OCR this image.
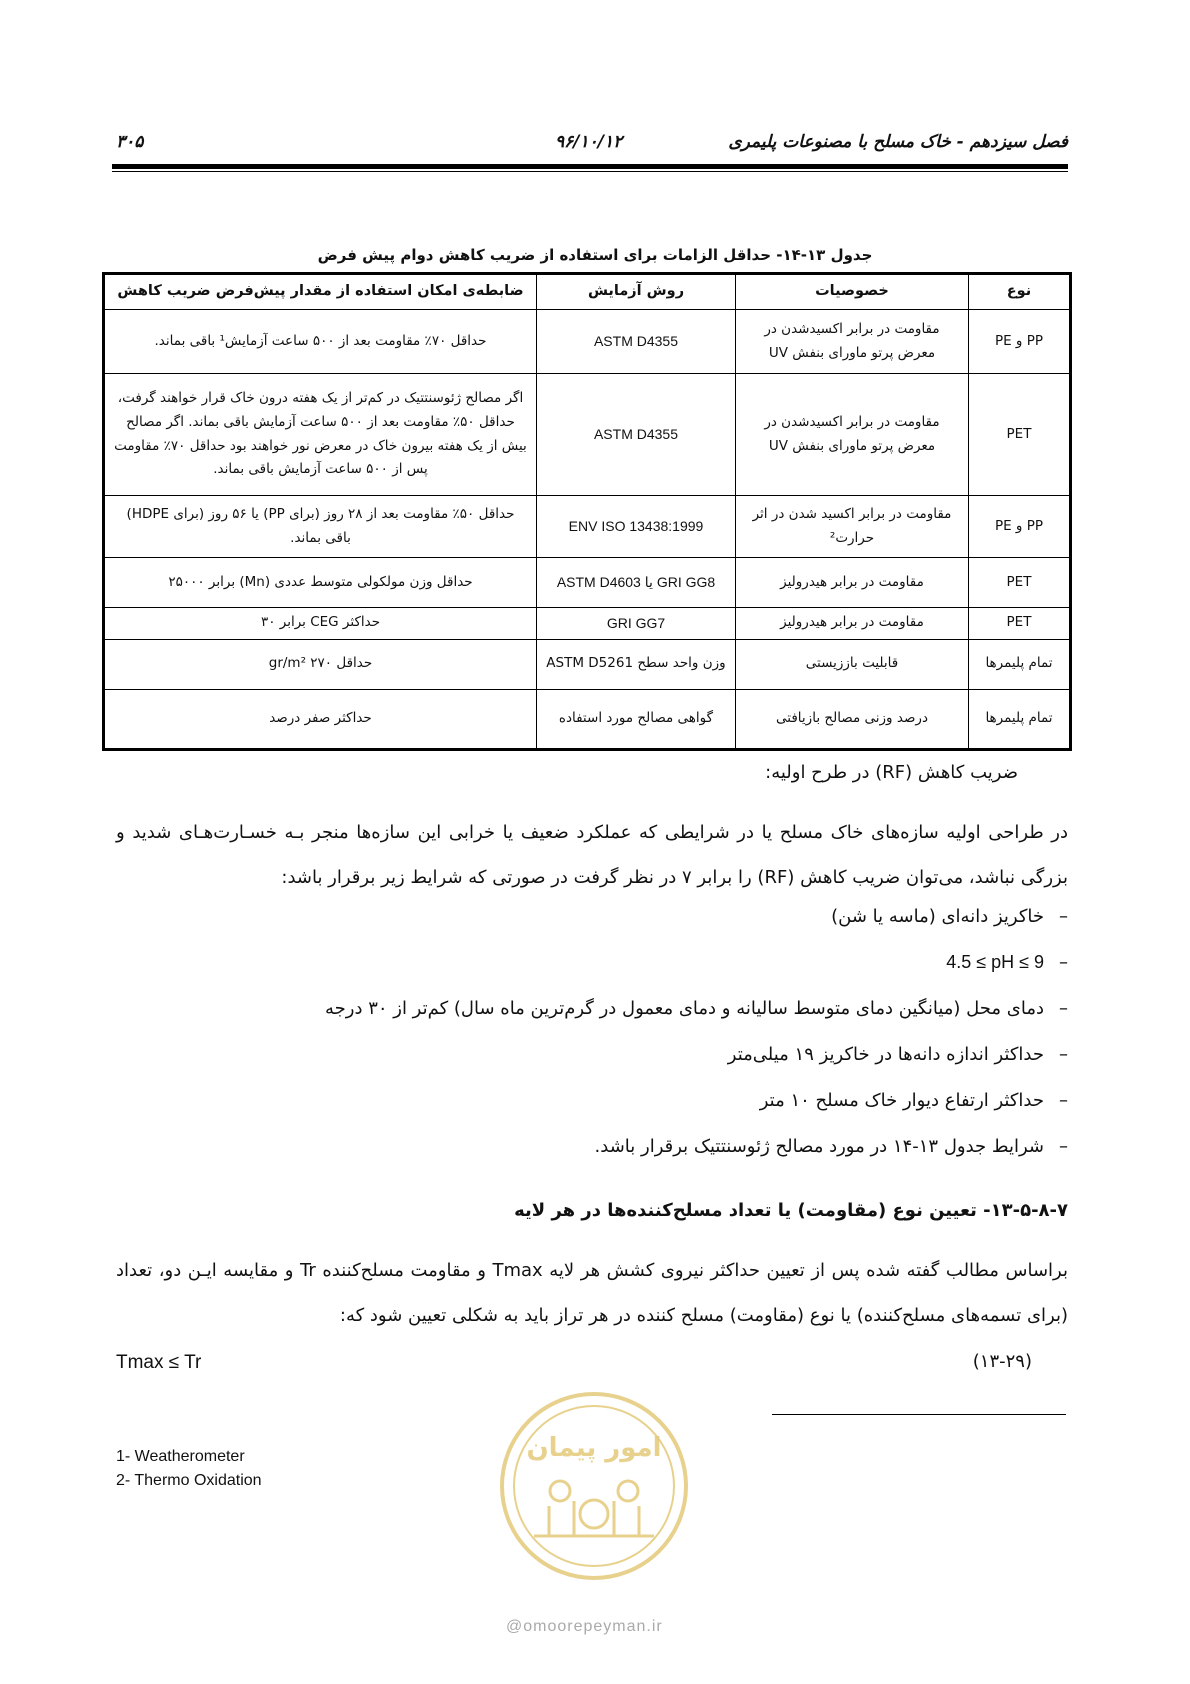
فصل سیزدهم - خاک مسلح با مصنوعات پلیمری
۹۶/۱۰/۱۲
۳۰۵
جدول ۱۳-۱۴- حداقل الزامات برای استفاده از ضریب کاهش دوام پیش فرض
نوع	خصوصیات	روش آزمایش	ضابطه‌ی امکان استفاده از مقدار پیش‌فرض ضریب کاهش
PP و PE	مقاومت در برابر اکسیدشدن در معرض پرتو ماورای بنفش UV	ASTM D4355	حداقل ۷۰٪ مقاومت بعد از ۵۰۰ ساعت آزمایش¹ باقی بماند.
PET	مقاومت در برابر اکسیدشدن در معرض پرتو ماورای بنفش UV	ASTM D4355	اگر مصالح ژئوسنتتیک در کم‌تر از یک هفته درون خاک قرار خواهند گرفت، حداقل ۵۰٪ مقاومت بعد از ۵۰۰ ساعت آزمایش باقی بماند. اگر مصالح بیش از یک هفته بیرون خاک در معرض نور خواهند بود حداقل ۷۰٪ مقاومت پس از ۵۰۰ ساعت آزمایش باقی بماند.
PP و PE	مقاومت در برابر اکسید شدن در اثر حرارت²	ENV ISO 13438:1999	حداقل ۵۰٪ مقاومت بعد از ۲۸ روز (برای PP) یا ۵۶ روز (برای HDPE) باقی بماند.
PET	مقاومت در برابر هیدرولیز	GRI GG8 یا ASTM D4603	حداقل وزن مولکولی متوسط عددی (Mn) برابر ۲۵۰۰۰
PET	مقاومت در برابر هیدرولیز	GRI GG7	حداکثر CEG برابر ۳۰
تمام پلیمرها	قابلیت باززیستی	وزن واحد سطح ASTM D5261	حداقل ۲۷۰ gr/m²
تمام پلیمرها	درصد وزنی مصالح بازیافتی	گواهی مصالح مورد استفاده	حداکثر صفر درصد
ضریب کاهش (RF) در طرح اولیه:
در طراحی اولیه سازه‌های خاک مسلح یا در شرایطی که عملکرد ضعیف یا خرابی این سازه‌ها منجر بـه خسـارت‌هـای شدید و بزرگی نباشد، می‌توان ضریب کاهش (RF) را برابر ۷ در نظر گرفت در صورتی که شرایط زیر برقرار باشد:
–خاکریز دانه‌ای (ماسه یا شن)
–4.5 ≤ pH ≤ 9
–دمای محل (میانگین دمای متوسط سالیانه و دمای معمول در گرم‌ترین ماه سال) کم‌تر از ۳۰ درجه
–حداکثر اندازه دانه‌ها در خاکریز ۱۹ میلی‌متر
–حداکثر ارتفاع دیوار خاک مسلح ۱۰ متر
–شرایط جدول ۱۳-۱۴ در مورد مصالح ژئوسنتتیک برقرار باشد.
۱۳-۵-۸-۷- تعیین نوع (مقاومت) یا تعداد مسلح‌کننده‌ها در هر لایه
براساس مطالب گفته شده پس از تعیین حداکثر نیروی کشش هر لایه Tmax و مقاومت مسلح‌کننده Tr و مقایسه ایـن دو، تعداد (برای تسمه‌های مسلح‌کننده) یا نوع (مقاومت) مسلح کننده در هر تراز باید به شکلی تعیین شود که:
Tmax ≤ Tr	(۱۳-۲۹)
1- Weatherometer
2- Thermo Oxidation
امور پیمان
@omoorepeyman.ir
